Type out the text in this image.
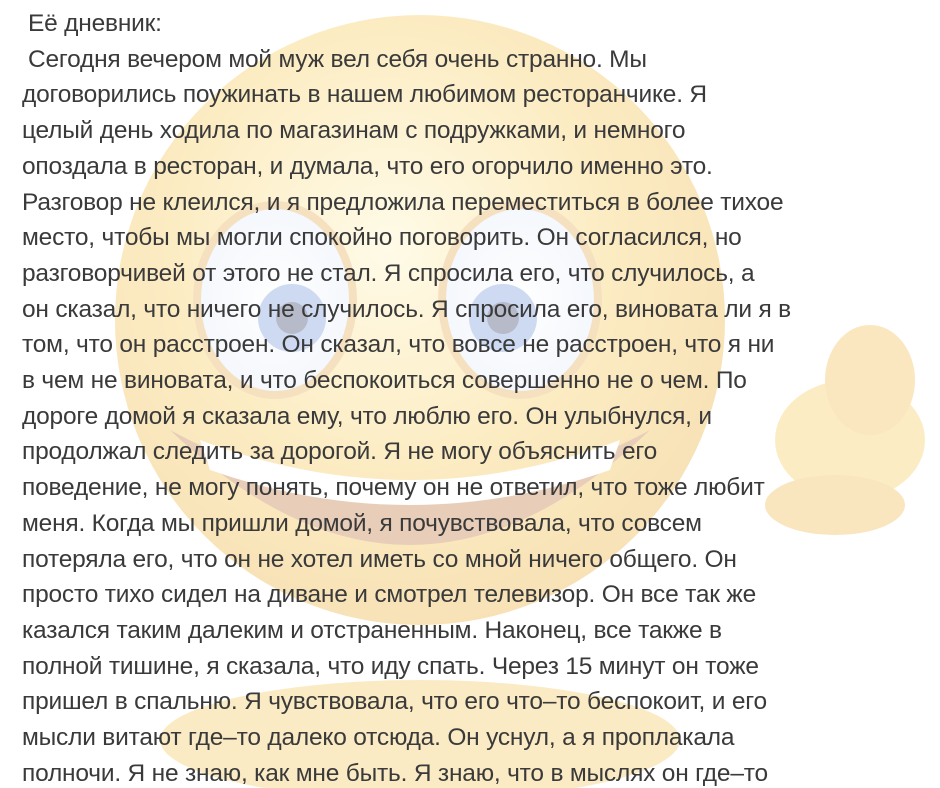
Её дневник:
Сегодня вечером мой муж вел себя очень странно. Мы
договорились поужинать в нашем любимом ресторанчике. Я
целый день ходила по магазинам с подружками, и немного
опоздала в ресторан, и думала, что его огорчило именно это.
Разговор не клеился, и я предложила переместиться в более тихое
место, чтобы мы могли спокойно поговорить. Он согласился, но
разговорчивей от этого не стал. Я спросила его, что случилось, а
он сказал, что ничего не случилось. Я спросила его, виновата ли я в
том, что он расстроен. Он сказал, что вовсе не расстроен, что я ни
в чем не виновата, и что беспокоиться совершенно не о чем. По
дороге домой я сказала ему, что люблю его. Он улыбнулся, и
продолжал следить за дорогой. Я не могу объяснить его
поведение, не могу понять, почему он не ответил, что тоже любит
меня. Когда мы пришли домой, я почувствовала, что совсем
потеряла его, что он не хотел иметь со мной ничего общего. Он
просто тихо сидел на диване и смотрел телевизор. Он все так же
казался таким далеким и отстраненным. Наконец, все также в
полной тишине, я сказала, что иду спать. Через 15 минут он тоже
пришел в спальню. Я чувствовала, что его что–то беспокоит, и его
мысли витают где–то далеко отсюда. Он уснул, а я проплакала
полночи. Я не знаю, как мне быть. Я знаю, что в мыслях он где–то
